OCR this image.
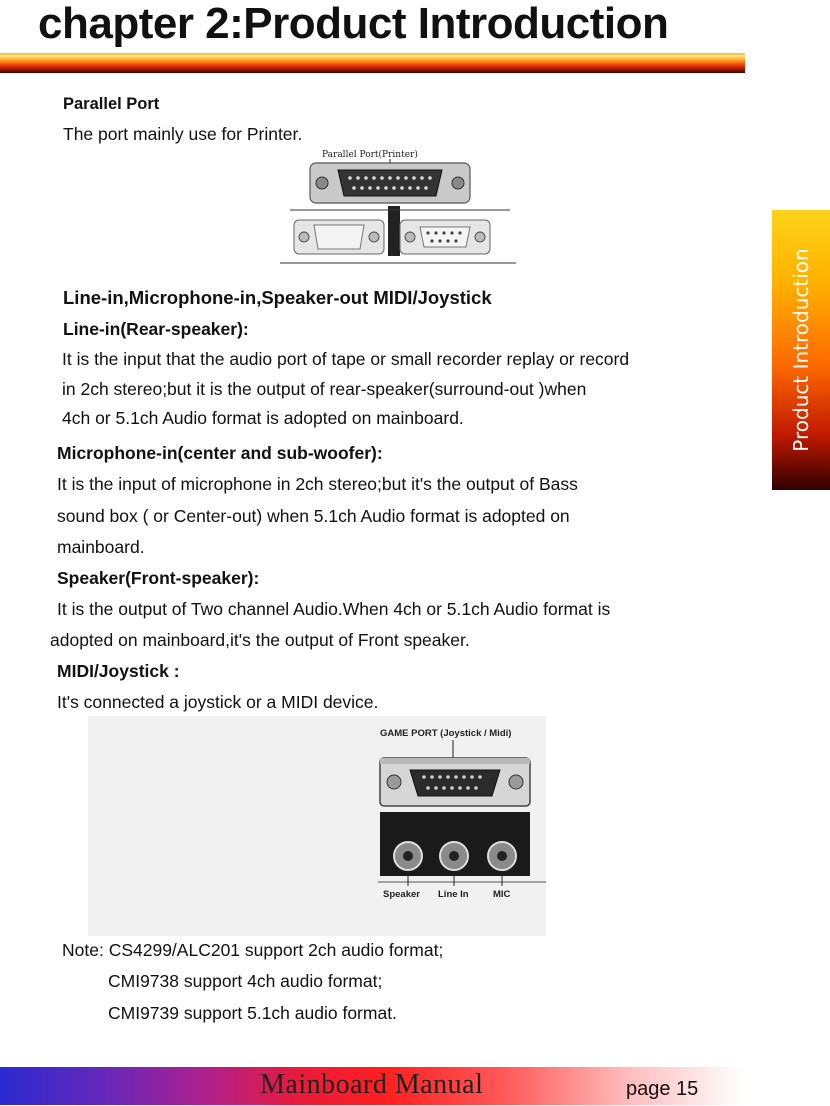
chapter 2:Product Introduction
Product Introduction
Parallel Port
The port mainly use for Printer.
Parallel Port(Printer)
Line-in,Microphone-in,Speaker-out MIDI/Joystick
Line-in(Rear-speaker):
It is the input that the audio port of tape or small recorder replay or record
in 2ch stereo;but it is the output of rear-speaker(surround-out )when
4ch or 5.1ch Audio format is adopted on mainboard.
Microphone-in(center and sub-woofer):
It is the input of microphone in 2ch stereo;but it's the output of Bass
sound box ( or Center-out) when 5.1ch Audio format is adopted on
mainboard.
Speaker(Front-speaker):
It is the output of Two channel Audio.When 4ch or 5.1ch Audio format is
adopted on mainboard,it's the output of Front speaker.
MIDI/Joystick :
It's connected a joystick or a MIDI device.
GAME PORT (Joystick / Midi)
Speaker Line In	MIC
Note: CS4299/ALC201 support 2ch audio format;
CMI9738 support 4ch audio format;
CMI9739 support 5.1ch audio format.
Mainboard Manual	page 15
